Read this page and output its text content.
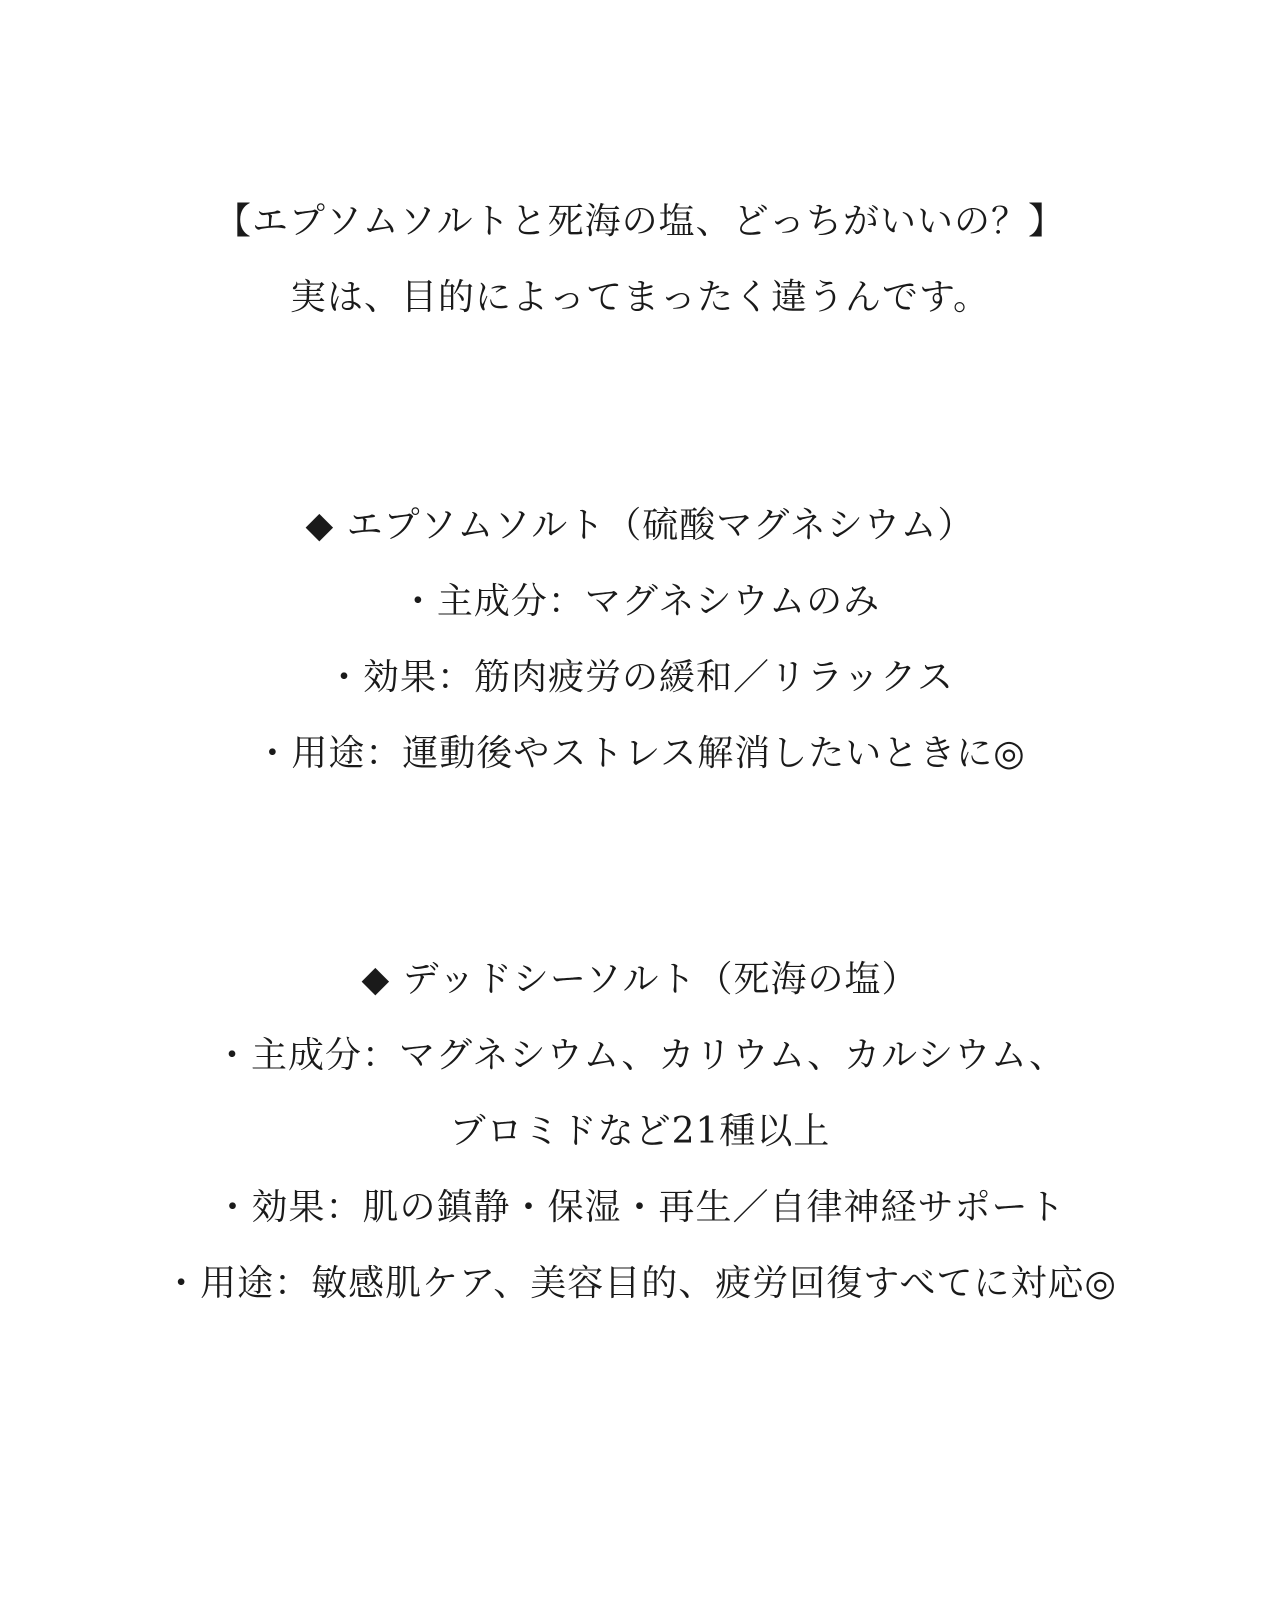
【エプソムソルトと死海の塩、どっちがいいの？】
実は、目的によってまったく違うんです。
◆ エプソムソルト（硫酸マグネシウム）
・主成分：マグネシウムのみ
・効果：筋肉疲労の緩和／リラックス
・用途：運動後やストレス解消したいときに◎
◆ デッドシーソルト（死海の塩）
・主成分：マグネシウム、カリウム、カルシウム、
ブロミドなど21種以上
・効果：肌の鎮静・保湿・再生／自律神経サポート
・用途：敏感肌ケア、美容目的、疲労回復すべてに対応◎
